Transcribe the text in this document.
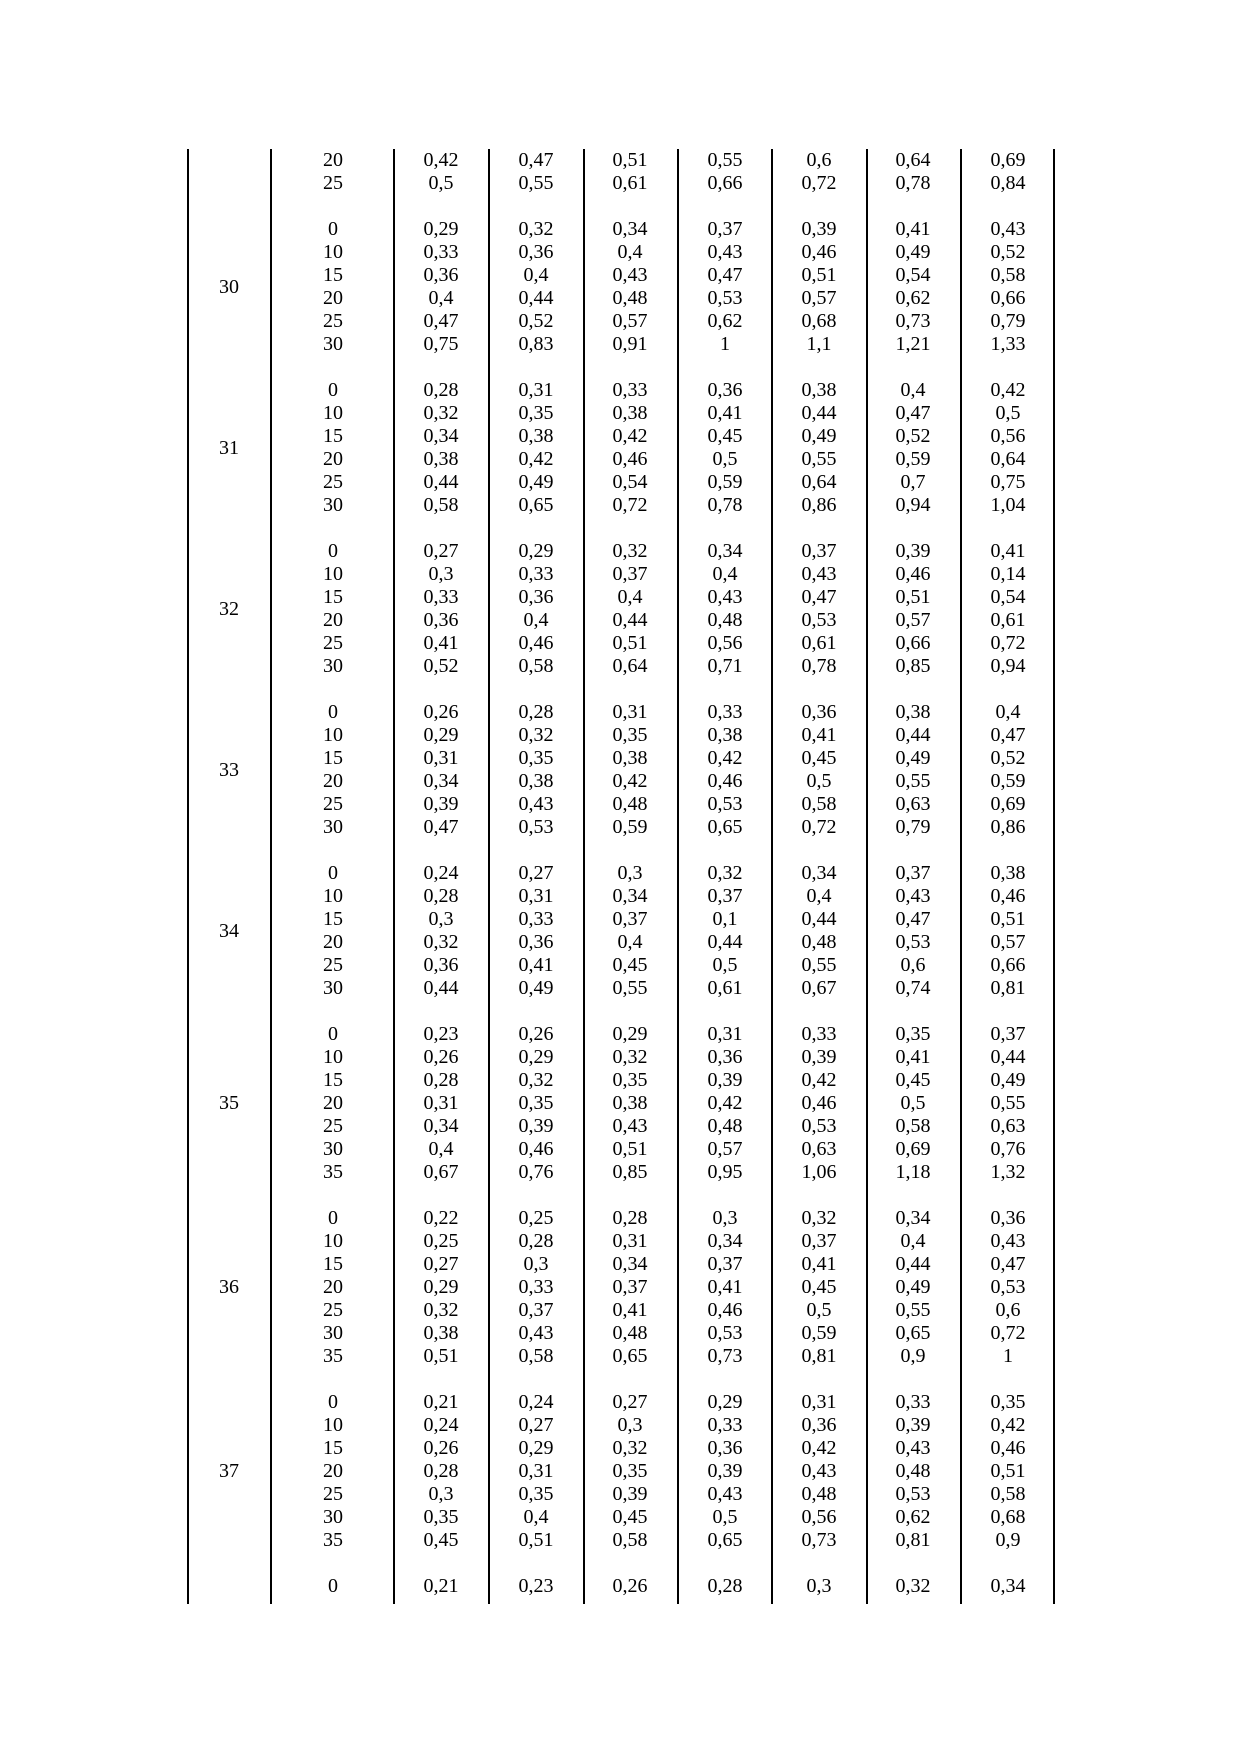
20	0,42	0,47	0,51	0,55	0,6	0,64	0,69
25	0,5	0,55	0,61	0,66	0,72	0,78	0,84
30
0	0,29	0,32	0,34	0,37	0,39	0,41	0,43
10	0,33	0,36	0,4	0,43	0,46	0,49	0,52
15	0,36	0,4	0,43	0,47	0,51	0,54	0,58
20	0,4	0,44	0,48	0,53	0,57	0,62	0,66
25	0,47	0,52	0,57	0,62	0,68	0,73	0,79
30	0,75	0,83	0,91	1	1,1	1,21	1,33
31
0	0,28	0,31	0,33	0,36	0,38	0,4	0,42
10	0,32	0,35	0,38	0,41	0,44	0,47	0,5
15	0,34	0,38	0,42	0,45	0,49	0,52	0,56
20	0,38	0,42	0,46	0,5	0,55	0,59	0,64
25	0,44	0,49	0,54	0,59	0,64	0,7	0,75
30	0,58	0,65	0,72	0,78	0,86	0,94	1,04
32
0	0,27	0,29	0,32	0,34	0,37	0,39	0,41
10	0,3	0,33	0,37	0,4	0,43	0,46	0,14
15	0,33	0,36	0,4	0,43	0,47	0,51	0,54
20	0,36	0,4	0,44	0,48	0,53	0,57	0,61
25	0,41	0,46	0,51	0,56	0,61	0,66	0,72
30	0,52	0,58	0,64	0,71	0,78	0,85	0,94
33
0	0,26	0,28	0,31	0,33	0,36	0,38	0,4
10	0,29	0,32	0,35	0,38	0,41	0,44	0,47
15	0,31	0,35	0,38	0,42	0,45	0,49	0,52
20	0,34	0,38	0,42	0,46	0,5	0,55	0,59
25	0,39	0,43	0,48	0,53	0,58	0,63	0,69
30	0,47	0,53	0,59	0,65	0,72	0,79	0,86
34
0	0,24	0,27	0,3	0,32	0,34	0,37	0,38
10	0,28	0,31	0,34	0,37	0,4	0,43	0,46
15	0,3	0,33	0,37	0,1	0,44	0,47	0,51
20	0,32	0,36	0,4	0,44	0,48	0,53	0,57
25	0,36	0,41	0,45	0,5	0,55	0,6	0,66
30	0,44	0,49	0,55	0,61	0,67	0,74	0,81
35
0	0,23	0,26	0,29	0,31	0,33	0,35	0,37
10	0,26	0,29	0,32	0,36	0,39	0,41	0,44
15	0,28	0,32	0,35	0,39	0,42	0,45	0,49
20	0,31	0,35	0,38	0,42	0,46	0,5	0,55
25	0,34	0,39	0,43	0,48	0,53	0,58	0,63
30	0,4	0,46	0,51	0,57	0,63	0,69	0,76
35	0,67	0,76	0,85	0,95	1,06	1,18	1,32
36
0	0,22	0,25	0,28	0,3	0,32	0,34	0,36
10	0,25	0,28	0,31	0,34	0,37	0,4	0,43
15	0,27	0,3	0,34	0,37	0,41	0,44	0,47
20	0,29	0,33	0,37	0,41	0,45	0,49	0,53
25	0,32	0,37	0,41	0,46	0,5	0,55	0,6
30	0,38	0,43	0,48	0,53	0,59	0,65	0,72
35	0,51	0,58	0,65	0,73	0,81	0,9	1
37
0	0,21	0,24	0,27	0,29	0,31	0,33	0,35
10	0,24	0,27	0,3	0,33	0,36	0,39	0,42
15	0,26	0,29	0,32	0,36	0,42	0,43	0,46
20	0,28	0,31	0,35	0,39	0,43	0,48	0,51
25	0,3	0,35	0,39	0,43	0,48	0,53	0,58
30	0,35	0,4	0,45	0,5	0,56	0,62	0,68
35	0,45	0,51	0,58	0,65	0,73	0,81	0,9
0	0,21	0,23	0,26	0,28	0,3	0,32	0,34
